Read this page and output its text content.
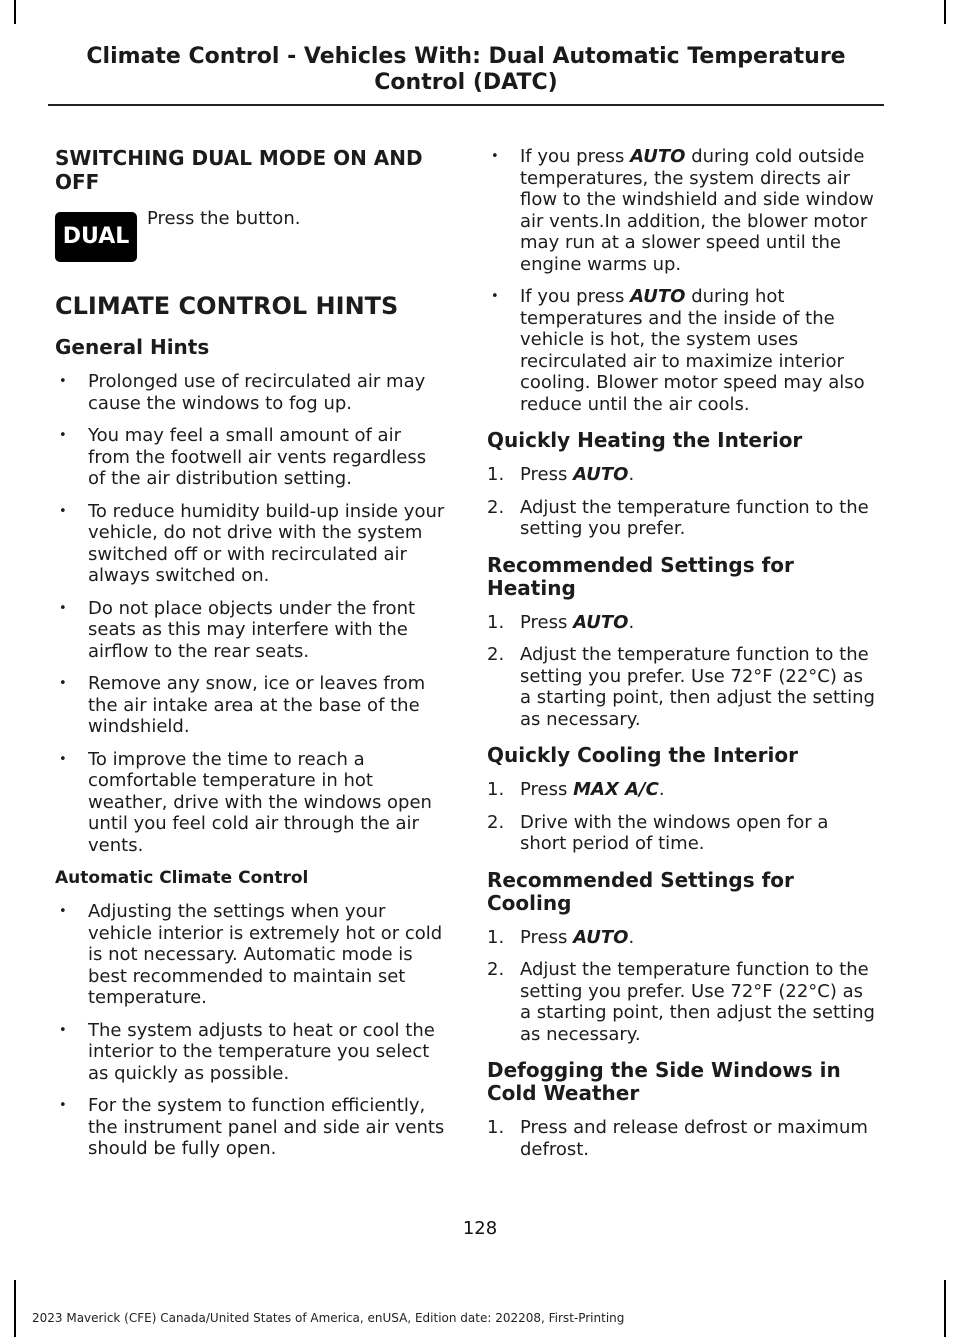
Climate Control - Vehicles With: Dual Automatic Temperature
Control (DATC)
SWITCHING DUAL MODE ON AND OFF
DUAL
Press the button.
CLIMATE CONTROL HINTS
General Hints
• Prolonged use of recirculated air may cause the windows to fog up.
• You may feel a small amount of air from the footwell air vents regardless of the air distribution setting.
• To reduce humidity build-up inside your vehicle, do not drive with the system switched off or with recirculated air always switched on.
• Do not place objects under the front seats as this may interfere with the airflow to the rear seats.
• Remove any snow, ice or leaves from the air intake area at the base of the windshield.
• To improve the time to reach a comfortable temperature in hot weather, drive with the windows open until you feel cold air through the air vents.
Automatic Climate Control
• Adjusting the settings when your vehicle interior is extremely hot or cold is not necessary. Automatic mode is best recommended to maintain set temperature.
• The system adjusts to heat or cool the interior to the temperature you select as quickly as possible.
• For the system to function efficiently, the instrument panel and side air vents should be fully open.
• If you press AUTO during cold outside temperatures, the system directs air flow to the windshield and side window air vents.In addition, the blower motor may run at a slower speed until the engine warms up.
• If you press AUTO during hot temperatures and the inside of the vehicle is hot, the system uses recirculated air to maximize interior cooling. Blower motor speed may also reduce until the air cools.
Quickly Heating the Interior
1. Press AUTO.
2. Adjust the temperature function to the setting you prefer.
Recommended Settings for Heating
1. Press AUTO.
2. Adjust the temperature function to the setting you prefer. Use 72°F (22°C) as a starting point, then adjust the setting as necessary.
Quickly Cooling the Interior
1. Press MAX A/C.
2. Drive with the windows open for a short period of time.
Recommended Settings for Cooling
1. Press AUTO.
2. Adjust the temperature function to the setting you prefer. Use 72°F (22°C) as a starting point, then adjust the setting as necessary.
Defogging the Side Windows in Cold Weather
1. Press and release defrost or maximum defrost.
128
2023 Maverick (CFE) Canada/United States of America, enUSA, Edition date: 202208, First-Printing
